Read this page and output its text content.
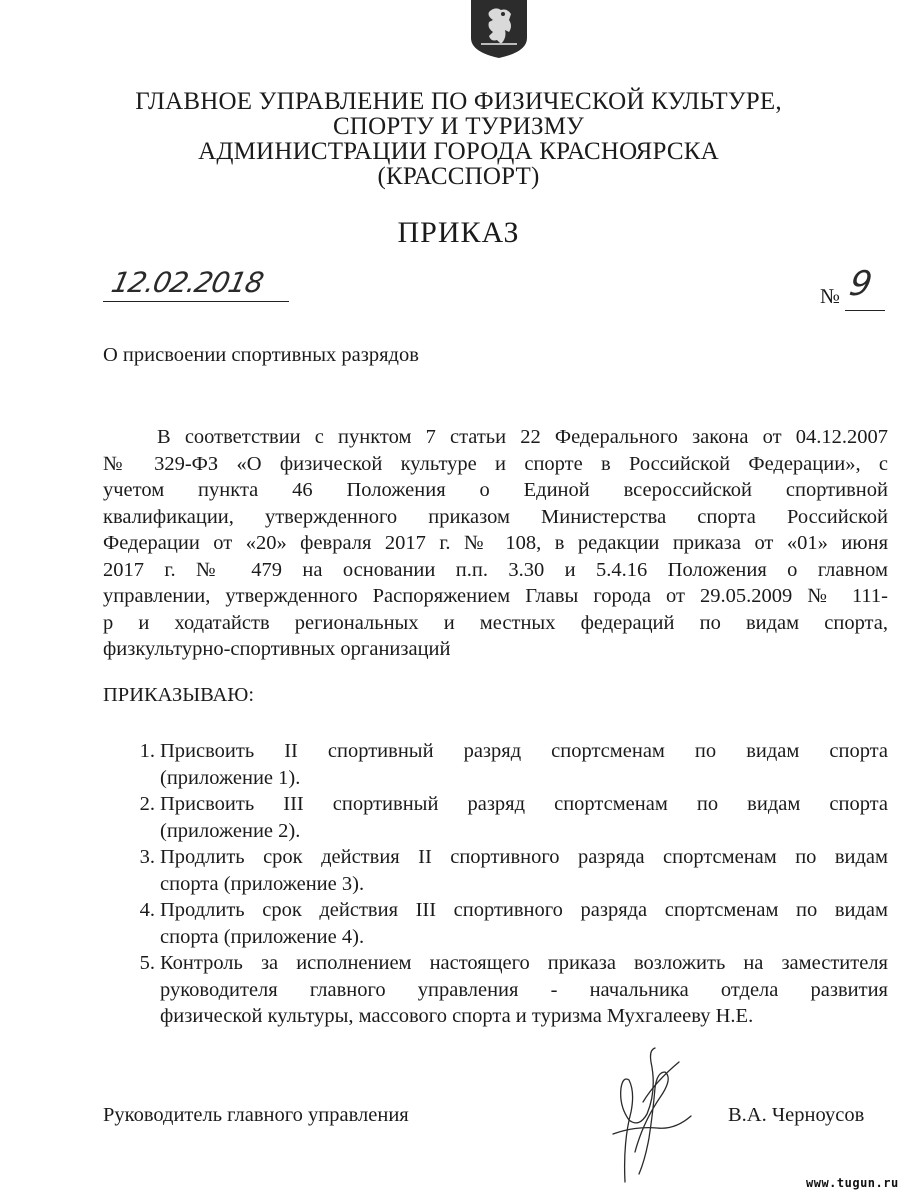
ГЛАВНОЕ УПРАВЛЕНИЕ ПО ФИЗИЧЕСКОЙ КУЛЬТУРЕ,
СПОРТУ И ТУРИЗМУ
АДМИНИСТРАЦИИ ГОРОДА КРАСНОЯРСКА
(КРАССПОРТ)
ПРИКАЗ
12.02.2018	№ 9
О присвоении спортивных разрядов
В соответствии с пунктом 7 статьи 22 Федерального закона от 04.12.2007
№ 329-ФЗ «О физической культуре и спорте в Российской Федерации», с
учетом пункта 46 Положения о Единой всероссийской спортивной
квалификации, утвержденного приказом Министерства спорта Российской
Федерации от «20» февраля 2017 г. № 108, в редакции приказа от «01» июня
2017 г. № 479 на основании п.п. 3.30 и 5.4.16 Положения о главном
управлении, утвержденного Распоряжением Главы города от 29.05.2009 № 111-
р и ходатайств региональных и местных федераций по видам спорта,
физкультурно-спортивных организаций
ПРИКАЗЫВАЮ:
1. Присвоить II спортивный разряд спортсменам по видам спорта
(приложение 1).
2. Присвоить III спортивный разряд спортсменам по видам спорта
(приложение 2).
3. Продлить срок действия II спортивного разряда спортсменам по видам
спорта (приложение 3).
4. Продлить срок действия III спортивного разряда спортсменам по видам
спорта (приложение 4).
5. Контроль за исполнением настоящего приказа возложить на заместителя
руководителя главного управления - начальника отдела развития
физической культуры, массового спорта и туризма Мухгалееву Н.Е.
Руководитель главного управления	В.А. Черноусов
www.tugun.ru
